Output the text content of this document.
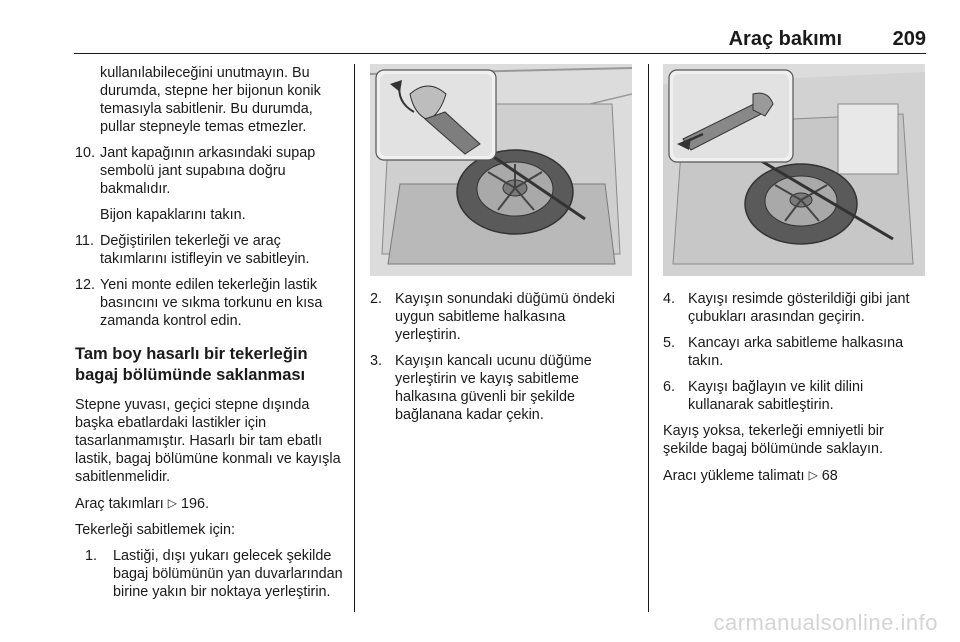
Araç bakımı	209

kullanılabileceğini unutmayın. Bu durumda, stepne her bijonun konik temasıyla sabitlenir. Bu durumda, pullar stepneyle temas etmezler.

10. Jant kapağının arkasındaki supap sembolü jant supabına doğru bakmalıdır.
Bijon kapaklarını takın.
11. Değiştirilen tekerleği ve araç takımlarını istifleyin ve sabitleyin.
12. Yeni monte edilen tekerleğin lastik basıncını ve sıkma torkunu en kısa zamanda kontrol edin.
Tam boy hasarlı bir tekerleğin bagaj bölümünde saklanması

Stepne yuvası, geçici stepne dışında başka ebatlardaki lastikler için tasarlanmamıştır. Hasarlı bir tam ebatlı lastik, bagaj bölümüne konmalı ve kayışla sabitlenmelidir.

Araç takımları ▷ 196.

Tekerleği sabitlemek için:

1. Lastiği, dışı yukarı gelecek şekilde bagaj bölümünün yan duvarlarından birine yakın bir noktaya yerleştirin.
2. Kayışın sonundaki düğümü öndeki uygun sabitleme halkasına yerleştirin.
3. Kayışın kancalı ucunu düğüme yerleştirin ve kayış sabitleme halkasına güvenli bir şekilde bağlanana kadar çekin.
4. Kayışı resimde gösterildiği gibi jant çubukları arasından geçirin.
5. Kancayı arka sabitleme halkasına takın.
6. Kayışı bağlayın ve kilit dilini kullanarak sabitleştirin.

Kayış yoksa, tekerleği emniyetli bir şekilde bagaj bölümünde saklayın.

Aracı yükleme talimatı ▷ 68

carmanualsonline.info
